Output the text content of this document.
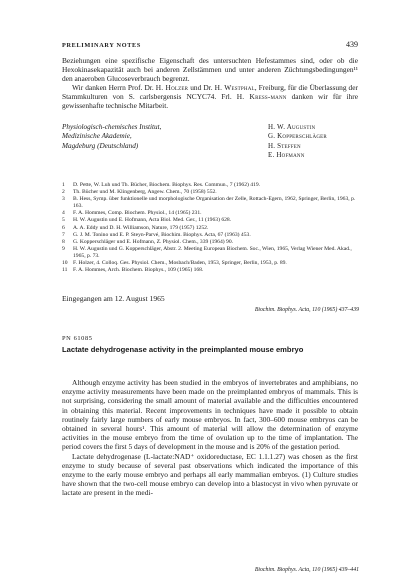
PRELIMINARY NOTES	439
Beziehungen eine spezifische Eigenschaft des untersuchten Hefestammes sind, oder ob die Hexokinasekapazität auch bei anderen Zellstämmen und unter anderen Züchtungsbedingungen¹¹ den anaeroben Glucoseverbrauch begrenzt.
Wir danken Herrn Prof. Dr. H. Holzer und Dr. H. Westphal, Freiburg, für die Überlassung der Stammkulturen von S. carlsbergensis NCYC74. Frl. H. Kress-mann danken wir für ihre gewissenhafte technische Mitarbeit.
Physiologisch-chemisches Institut,
Medizinische Akademie,
Magdeburg (Deutschland)
H. W. Augustin
G. Kopperschläger
H. Steffen
E. Hofmann
1	D. Pette, W. Luh und Th. Bücher, Biochem. Biophys. Res. Commun., 7 (1962) 419.
2	Th. Bücher und M. Klingenberg, Angew. Chem., 70 (1958) 552.
3	B. Hess, Symp. über funktionelle und morphologische Organisation der Zelle, Rottach-Egern, 1962, Springer, Berlin, 1963, p. 163.
4	F. A. Hommes, Comp. Biochem. Physiol., 14 (1965) 231.
5	H. W. Augustin und E. Hofmann, Acta Biol. Med. Ger., 11 (1963) 628.
6	A. A. Eddy und D. H. Williamson, Nature, 179 (1957) 1252.
7	G. J. M. Tonino und E. P. Steyn-Parvé, Biochim. Biophys. Acta, 67 (1963) 453.
8	G. Kopperschläger und E. Hofmann, Z. Physiol. Chem., 339 (1964) 90.
9	H. W. Augustin und G. Kopperschläger, Abstr. 2. Meeting European Biochem. Soc., Wien, 1965, Verlag Wiener Med. Akad., 1965, p. 73.
10 F. Holzer, 4. Colloq. Ges. Physiol. Chem., Mosbach/Baden, 1953, Springer, Berlin, 1953, p. 89.
11	F. A. Hommes, Arch. Biochem. Biophys., 109 (1965) 168.
Eingegangen am 12. August 1965
Biochim. Biophys. Acta, 110 (1965) 437–439
PN 61085
Lactate dehydrogenase activity in the preimplanted mouse embryo

Although enzyme activity has been studied in the embryos of invertebrates and amphibians, no enzyme activity measurements have been made on the preimplanted embryos of mammals. This is not surprising, considering the small amount of material available and the difficulties encountered in obtaining this material. Recent improvements in techniques have made it possible to obtain routinely fairly large numbers of early mouse embryos. In fact, 300–600 mouse embryos can be obtained in several hours¹. This amount of material will allow the determination of enzyme activities in the mouse embryo from the time of ovulation up to the time of implantation. The period covers the first 5 days of development in the mouse and is 20% of the gestation period.

Lactate dehydrogenase (L-lactate:NAD⁺ oxidoreductase, EC 1.1.1.27) was chosen as the first enzyme to study because of several past observations which indicated the importance of this enzyme to the early mouse embryo and perhaps all early mammalian embryos. (1) Culture studies have shown that the two-cell mouse embryo can develop into a blastocyst in vivo when pyruvate or lactate are present in the medi-

Biochim. Biophys. Acta, 110 (1965) 439–441
